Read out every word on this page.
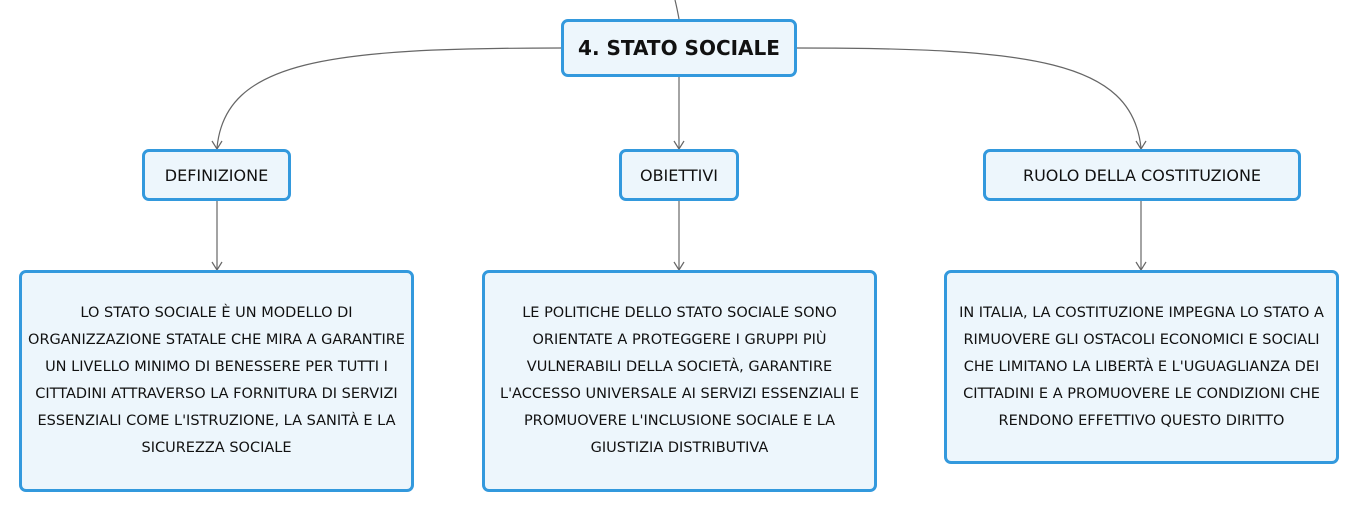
4. STATO SOCIALE
DEFINIZIONE	OBIETTIVI	RUOLO DELLA COSTITUZIONE
LO STATO SOCIALE È UN MODELLO DI ORGANIZZAZIONE STATALE CHE MIRA A GARANTIRE UN LIVELLO MINIMO DI BENESSERE PER TUTTI I CITTADINI ATTRAVERSO LA FORNITURA DI SERVIZI ESSENZIALI COME L'ISTRUZIONE, LA SANITÀ E LA SICUREZZA SOCIALE
LE POLITICHE DELLO STATO SOCIALE SONO ORIENTATE A PROTEGGERE I GRUPPI PIÙ VULNERABILI DELLA SOCIETÀ, GARANTIRE L'ACCESSO UNIVERSALE AI SERVIZI ESSENZIALI E PROMUOVERE L'INCLUSIONE SOCIALE E LA GIUSTIZIA DISTRIBUTIVA
IN ITALIA, LA COSTITUZIONE IMPEGNA LO STATO A RIMUOVERE GLI OSTACOLI ECONOMICI E SOCIALI CHE LIMITANO LA LIBERTÀ E L'UGUAGLIANZA DEI CITTADINI E A PROMUOVERE LE CONDIZIONI CHE RENDONO EFFETTIVO QUESTO DIRITTO
